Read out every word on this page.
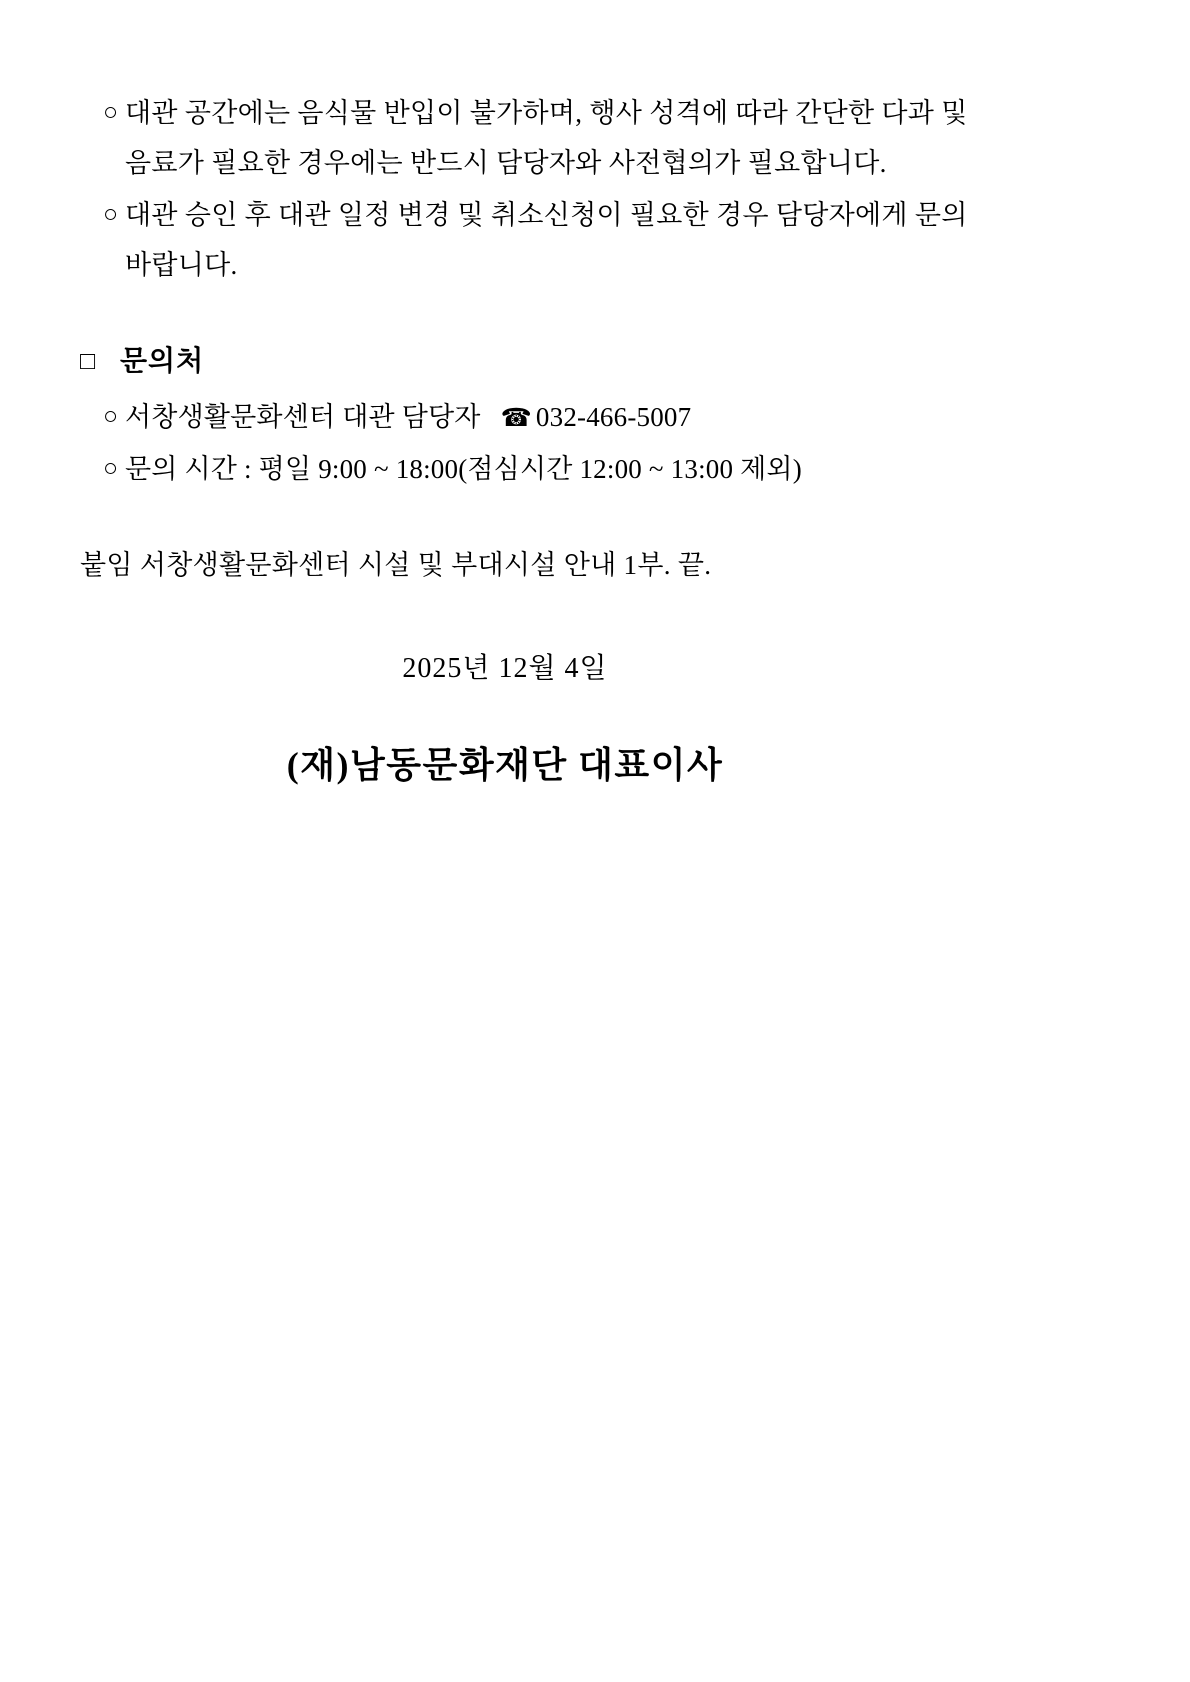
○ 대관 공간에는 음식물 반입이 불가하며, 행사 성격에 따라 간단한 다과 및
음료가 필요한 경우에는 반드시 담당자와 사전협의가 필요합니다.
○ 대관 승인 후 대관 일정 변경 및 취소신청이 필요한 경우 담당자에게 문의
바랍니다.
□ 문의처
○ 서창생활문화센터 대관 담당자 ☎ 032-466-5007
○ 문의 시간 : 평일 9:00 ~ 18:00(점심시간 12:00 ~ 13:00 제외)
붙임 서창생활문화센터 시설 및 부대시설 안내 1부. 끝.
2025년 12월 4일
(재)남동문화재단 대표이사
